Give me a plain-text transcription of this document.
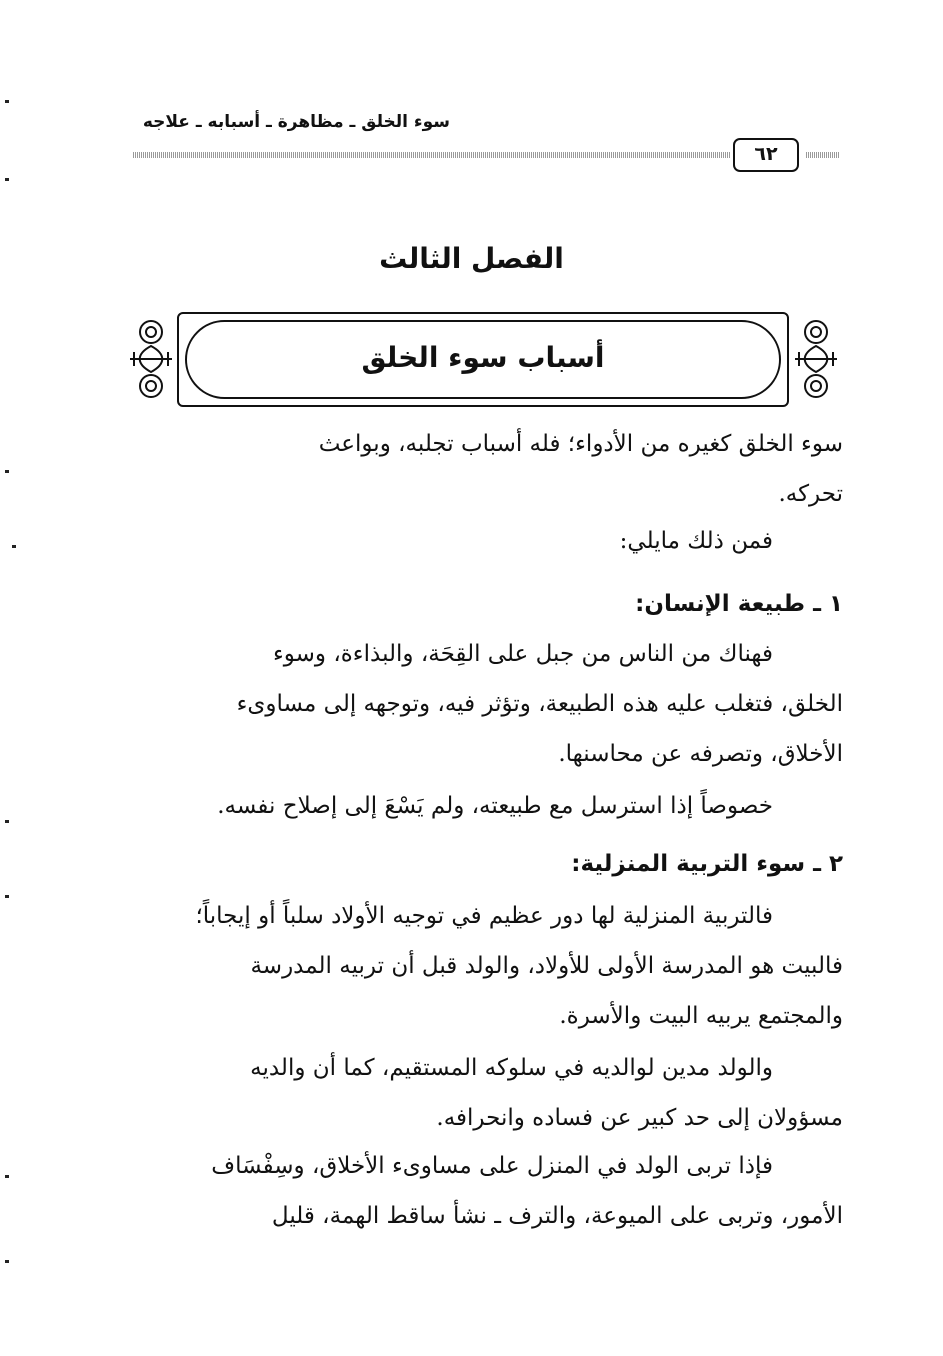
سوء الخلق ـ مظاهرة ـ أسبابه ـ علاجه
٦٢
الفصل الثالث
أسباب سوء الخلق
سوء الخلق كغيره من الأدواء؛ فله أسباب تجلبه، وبواعث
تحركه.
فمن ذلك مايلي:
١ ـ طبيعة الإنسان:
فهناك من الناس من جبل على القِحَة، والبذاءة، وسوء
الخلق، فتغلب عليه هذه الطبيعة، وتؤثر فيه، وتوجهه إلى مساوىء
الأخلاق، وتصرفه عن محاسنها.
خصوصاً إذا استرسل مع طبيعته، ولم يَسْعَ إلى إصلاح نفسه.
٢ ـ سوء التربية المنزلية:
فالتربية المنزلية لها دور عظيم في توجيه الأولاد سلباً أو إيجاباً؛
فالبيت هو المدرسة الأولى للأولاد، والولد قبل أن تربيه المدرسة
والمجتمع يربيه البيت والأسرة.
والولد مدين لوالديه في سلوكه المستقيم، كما أن والديه
مسؤولان إلى حد كبير عن فساده وانحرافه.
فإذا تربى الولد في المنزل على مساوىء الأخلاق، وسِفْسَاف
الأمور، وتربى على الميوعة، والترف ـ نشأ ساقط الهمة، قليل
